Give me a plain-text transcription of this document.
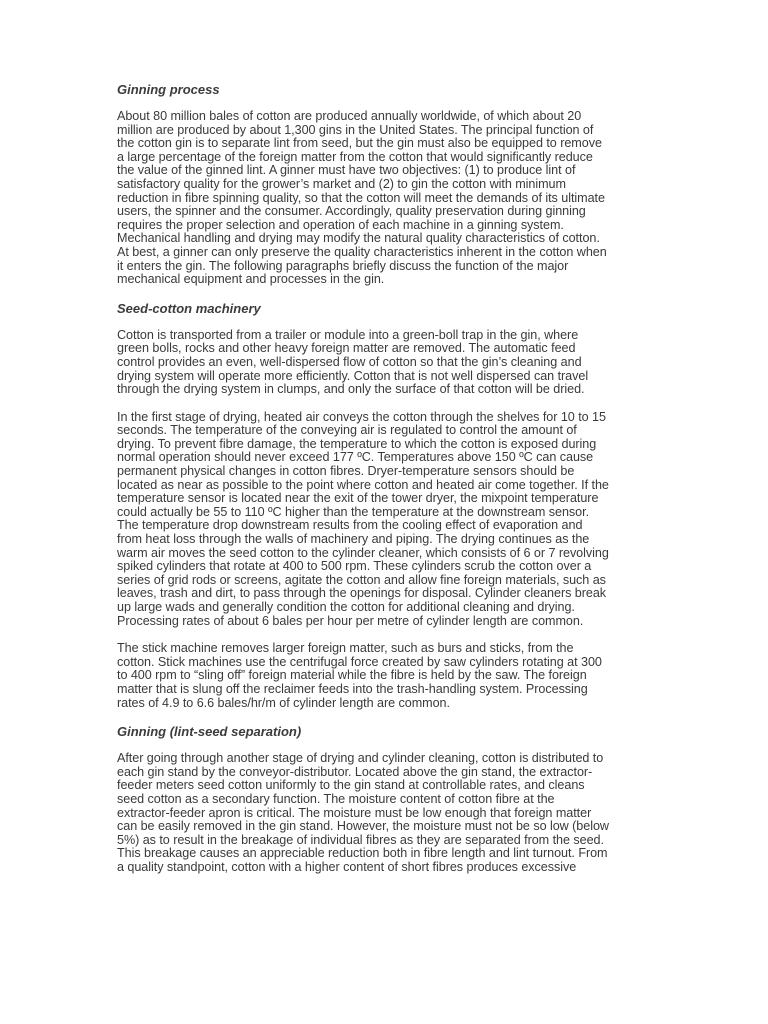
Ginning process
About 80 million bales of cotton are produced annually worldwide, of which about 20
million are produced by about 1,300 gins in the United States. The principal function of
the cotton gin is to separate lint from seed, but the gin must also be equipped to remove
a large percentage of the foreign matter from the cotton that would significantly reduce
the value of the ginned lint. A ginner must have two objectives: (1) to produce lint of
satisfactory quality for the grower’s market and (2) to gin the cotton with minimum
reduction in fibre spinning quality, so that the cotton will meet the demands of its ultimate
users, the spinner and the consumer. Accordingly, quality preservation during ginning
requires the proper selection and operation of each machine in a ginning system.
Mechanical handling and drying may modify the natural quality characteristics of cotton.
At best, a ginner can only preserve the quality characteristics inherent in the cotton when
it enters the gin. The following paragraphs briefly discuss the function of the major
mechanical equipment and processes in the gin.
Seed-cotton machinery
Cotton is transported from a trailer or module into a green-boll trap in the gin, where
green bolls, rocks and other heavy foreign matter are removed. The automatic feed
control provides an even, well-dispersed flow of cotton so that the gin’s cleaning and
drying system will operate more efficiently. Cotton that is not well dispersed can travel
through the drying system in clumps, and only the surface of that cotton will be dried.
In the first stage of drying, heated air conveys the cotton through the shelves for 10 to 15
seconds. The temperature of the conveying air is regulated to control the amount of
drying. To prevent fibre damage, the temperature to which the cotton is exposed during
normal operation should never exceed 177 ºC. Temperatures above 150 ºC can cause
permanent physical changes in cotton fibres. Dryer-temperature sensors should be
located as near as possible to the point where cotton and heated air come together. If the
temperature sensor is located near the exit of the tower dryer, the mixpoint temperature
could actually be 55 to 110 ºC higher than the temperature at the downstream sensor.
The temperature drop downstream results from the cooling effect of evaporation and
from heat loss through the walls of machinery and piping. The drying continues as the
warm air moves the seed cotton to the cylinder cleaner, which consists of 6 or 7 revolving
spiked cylinders that rotate at 400 to 500 rpm. These cylinders scrub the cotton over a
series of grid rods or screens, agitate the cotton and allow fine foreign materials, such as
leaves, trash and dirt, to pass through the openings for disposal. Cylinder cleaners break
up large wads and generally condition the cotton for additional cleaning and drying.
Processing rates of about 6 bales per hour per metre of cylinder length are common.
The stick machine removes larger foreign matter, such as burs and sticks, from the
cotton. Stick machines use the centrifugal force created by saw cylinders rotating at 300
to 400 rpm to “sling off” foreign material while the fibre is held by the saw. The foreign
matter that is slung off the reclaimer feeds into the trash-handling system. Processing
rates of 4.9 to 6.6 bales/hr/m of cylinder length are common.
Ginning (lint-seed separation)
After going through another stage of drying and cylinder cleaning, cotton is distributed to
each gin stand by the conveyor-distributor. Located above the gin stand, the extractor-
feeder meters seed cotton uniformly to the gin stand at controllable rates, and cleans
seed cotton as a secondary function. The moisture content of cotton fibre at the
extractor-feeder apron is critical. The moisture must be low enough that foreign matter
can be easily removed in the gin stand. However, the moisture must not be so low (below
5%) as to result in the breakage of individual fibres as they are separated from the seed.
This breakage causes an appreciable reduction both in fibre length and lint turnout. From
a quality standpoint, cotton with a higher content of short fibres produces excessive
